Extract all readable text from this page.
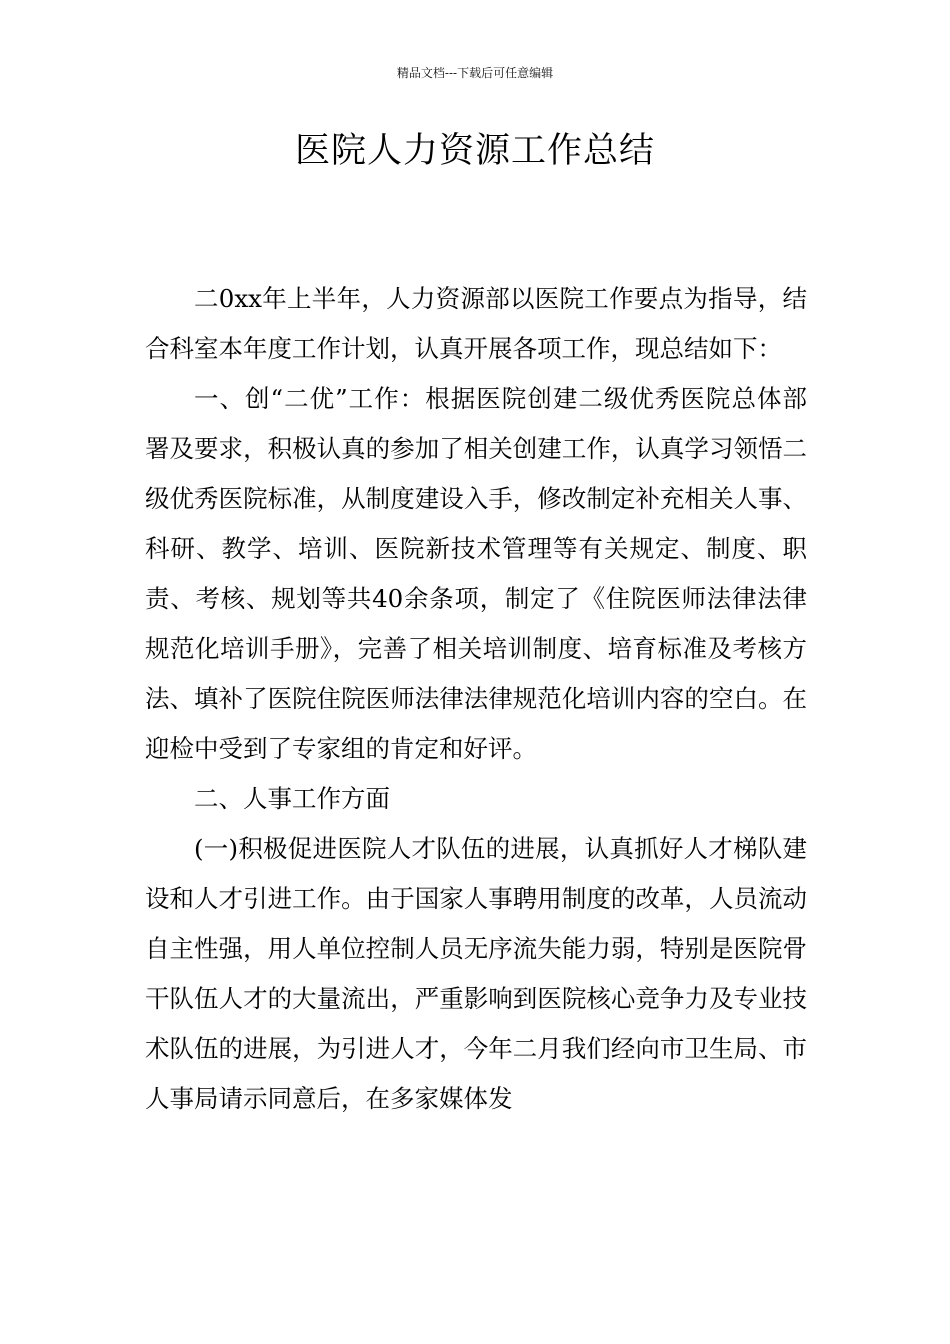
精品文档---下载后可任意编辑
医院人力资源工作总结

二0xx年上半年，人力资源部以医院工作要点为指导，结合科室本年度工作计划，认真开展各项工作，现总结如下：

一、创“二优”工作：根据医院创建二级优秀医院总体部署及要求，积极认真的参加了相关创建工作，认真学习领悟二级优秀医院标准，从制度建设入手，修改制定补充相关人事、科研、教学、培训、医院新技术管理等有关规定、制度、职责、考核、规划等共40余条项，制定了《住院医师法律法律规范化培训手册》，完善了相关培训制度、培育标准及考核方法、填补了医院住院医师法律法律规范化培训内容的空白。在迎检中受到了专家组的肯定和好评。

二、人事工作方面

(一)积极促进医院人才队伍的进展，认真抓好人才梯队建设和人才引进工作。由于国家人事聘用制度的改革，人员流动自主性强，用人单位控制人员无序流失能力弱，特别是医院骨干队伍人才的大量流出，严重影响到医院核心竞争力及专业技术队伍的进展，为引进人才，今年二月我们经向市卫生局、市人事局请示同意后，在多家媒体发
